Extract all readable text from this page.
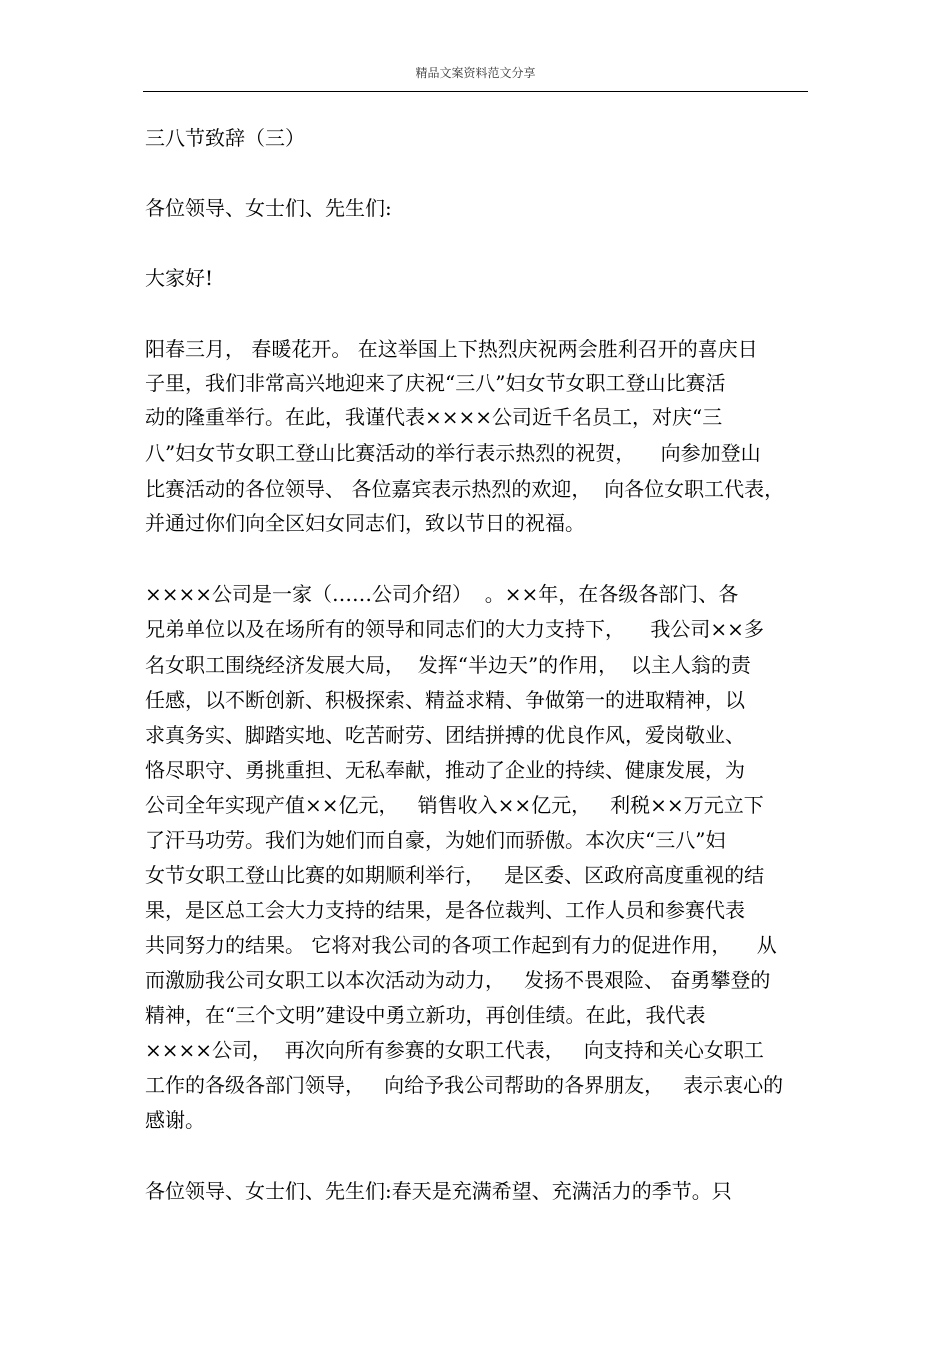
精品文案资料范文分享
三八节致辞（三）
各位领导、女士们、先生们:
大家好!
阳春三月， 春暖花开。 在这举国上下热烈庆祝两会胜利召开的喜庆日
子里，我们非常高兴地迎来了庆祝“三八”妇女节女职工登山比赛活
动的隆重举行。在此，我谨代表××××公司近千名员工，对庆“三
八”妇女节女职工登山比赛活动的举行表示热烈的祝贺，    向参加登山
比赛活动的各位领导、 各位嘉宾表示热烈的欢迎，  向各位女职工代表，
并通过你们向全区妇女同志们，致以节日的祝福。
××××公司是一家（……公司介绍）  。××年，在各级各部门、各
兄弟单位以及在场所有的领导和同志们的大力支持下，    我公司××多
名女职工围绕经济发展大局，  发挥“半边天”的作用，  以主人翁的责
任感，以不断创新、积极探索、精益求精、争做第一的进取精神，以
求真务实、脚踏实地、吃苦耐劳、团结拼搏的优良作风，爱岗敬业、
恪尽职守、勇挑重担、无私奉献，推动了企业的持续、健康发展，为
公司全年实现产值××亿元，   销售收入××亿元，   利税××万元立下
了汗马功劳。我们为她们而自豪，为她们而骄傲。本次庆“三八”妇
女节女职工登山比赛的如期顺利举行，   是区委、区政府高度重视的结
果，是区总工会大力支持的结果，是各位裁判、工作人员和参赛代表
共同努力的结果。 它将对我公司的各项工作起到有力的促进作用，    从
而激励我公司女职工以本次活动为动力，   发扬不畏艰险、 奋勇攀登的
精神，在“三个文明”建设中勇立新功，再创佳绩。在此，我代表
××××公司，  再次向所有参赛的女职工代表，   向支持和关心女职工
工作的各级各部门领导，   向给予我公司帮助的各界朋友，   表示衷心的
感谢。
各位领导、女士们、先生们:春天是充满希望、充满活力的季节。只
